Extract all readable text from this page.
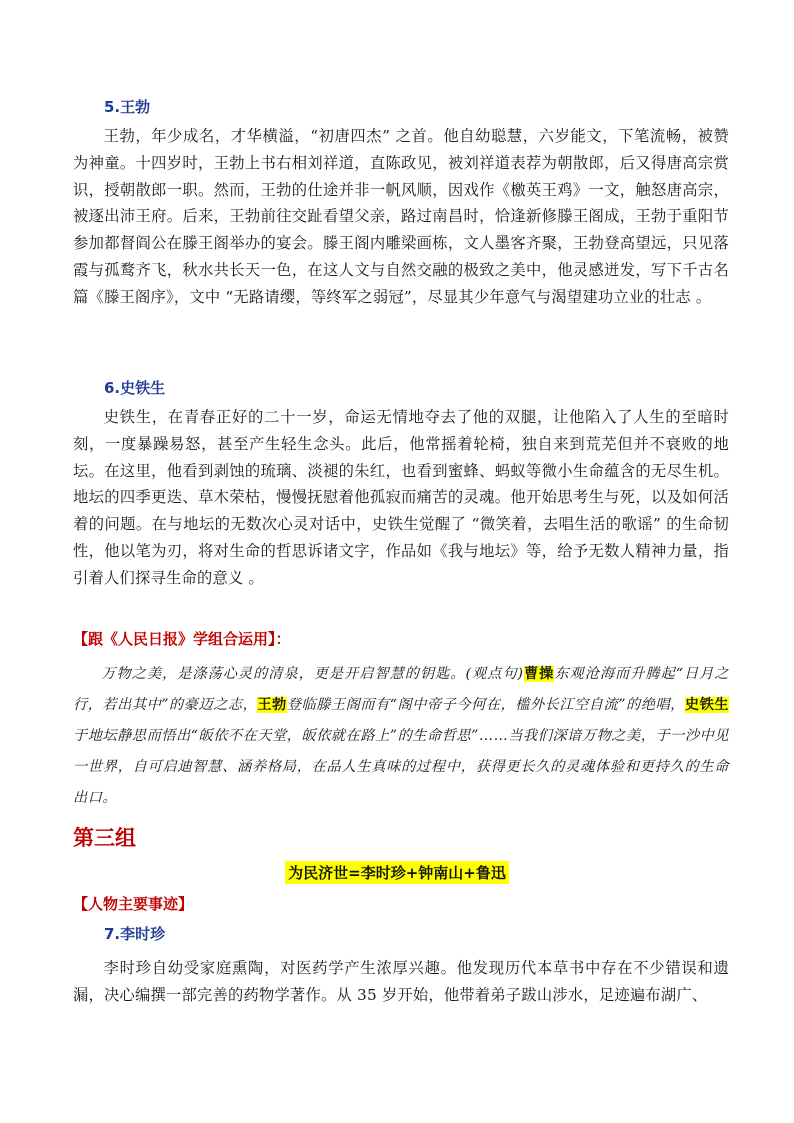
5.王勃

王勃，年少成名，才华横溢，“初唐四杰” 之首。他自幼聪慧，六岁能文，下笔流畅，被赞为神童。十四岁时，王勃上书右相刘祥道，直陈政见，被刘祥道表荐为朝散郎，后又得唐高宗赏识，授朝散郎一职。然而，王勃的仕途并非一帆风顺，因戏作《檄英王鸡》一文，触怒唐高宗，被逐出沛王府。后来，王勃前往交趾看望父亲，路过南昌时，恰逢新修滕王阁成，王勃于重阳节参加都督阎公在滕王阁举办的宴会。滕王阁内雕梁画栋，文人墨客齐聚，王勃登高望远，只见落霞与孤鹜齐飞，秋水共长天一色，在这人文与自然交融的极致之美中，他灵感迸发，写下千古名篇《滕王阁序》，文中 “无路请缨，等终军之弱冠”，尽显其少年意气与渴望建功立业的壮志 。

6.史铁生

史铁生，在青春正好的二十一岁，命运无情地夺去了他的双腿，让他陷入了人生的至暗时刻，一度暴躁易怒，甚至产生轻生念头。此后，他常摇着轮椅，独自来到荒芜但并不衰败的地坛。在这里，他看到剥蚀的琉璃、淡褪的朱红，也看到蜜蜂、蚂蚁等微小生命蕴含的无尽生机。地坛的四季更迭、草木荣枯，慢慢抚慰着他孤寂而痛苦的灵魂。他开始思考生与死，以及如何活着的问题。在与地坛的无数次心灵对话中，史铁生觉醒了 “微笑着，去唱生活的歌谣” 的生命韧性，他以笔为刃，将对生命的哲思诉诸文字，作品如《我与地坛》等，给予无数人精神力量，指引着人们探寻生命的意义 。

【跟《人民日报》学组合运用】：

万物之美，是涤荡心灵的清泉，更是开启智慧的钥匙。(观点句)曹操东观沧海而升腾起“日月之行，若出其中”的豪迈之志，王勃登临滕王阁而有“阁中帝子今何在，槛外长江空自流”的绝唱，史铁生于地坛静思而悟出“皈依不在天堂，皈依就在路上”的生命哲思”……当我们深谙万物之美，于一沙中见一世界，自可启迪智慧、涵养格局，在品人生真味的过程中，获得更长久的灵魂体验和更持久的生命出口。

第三组
为民济世=李时珍+钟南山+鲁迅
【人物主要事迹】
7.李时珍

李时珍自幼受家庭熏陶，对医药学产生浓厚兴趣。他发现历代本草书中存在不少错误和遗漏，决心编撰一部完善的药物学著作。从 35 岁开始，他带着弟子跋山涉水，足迹遍布湖广、
